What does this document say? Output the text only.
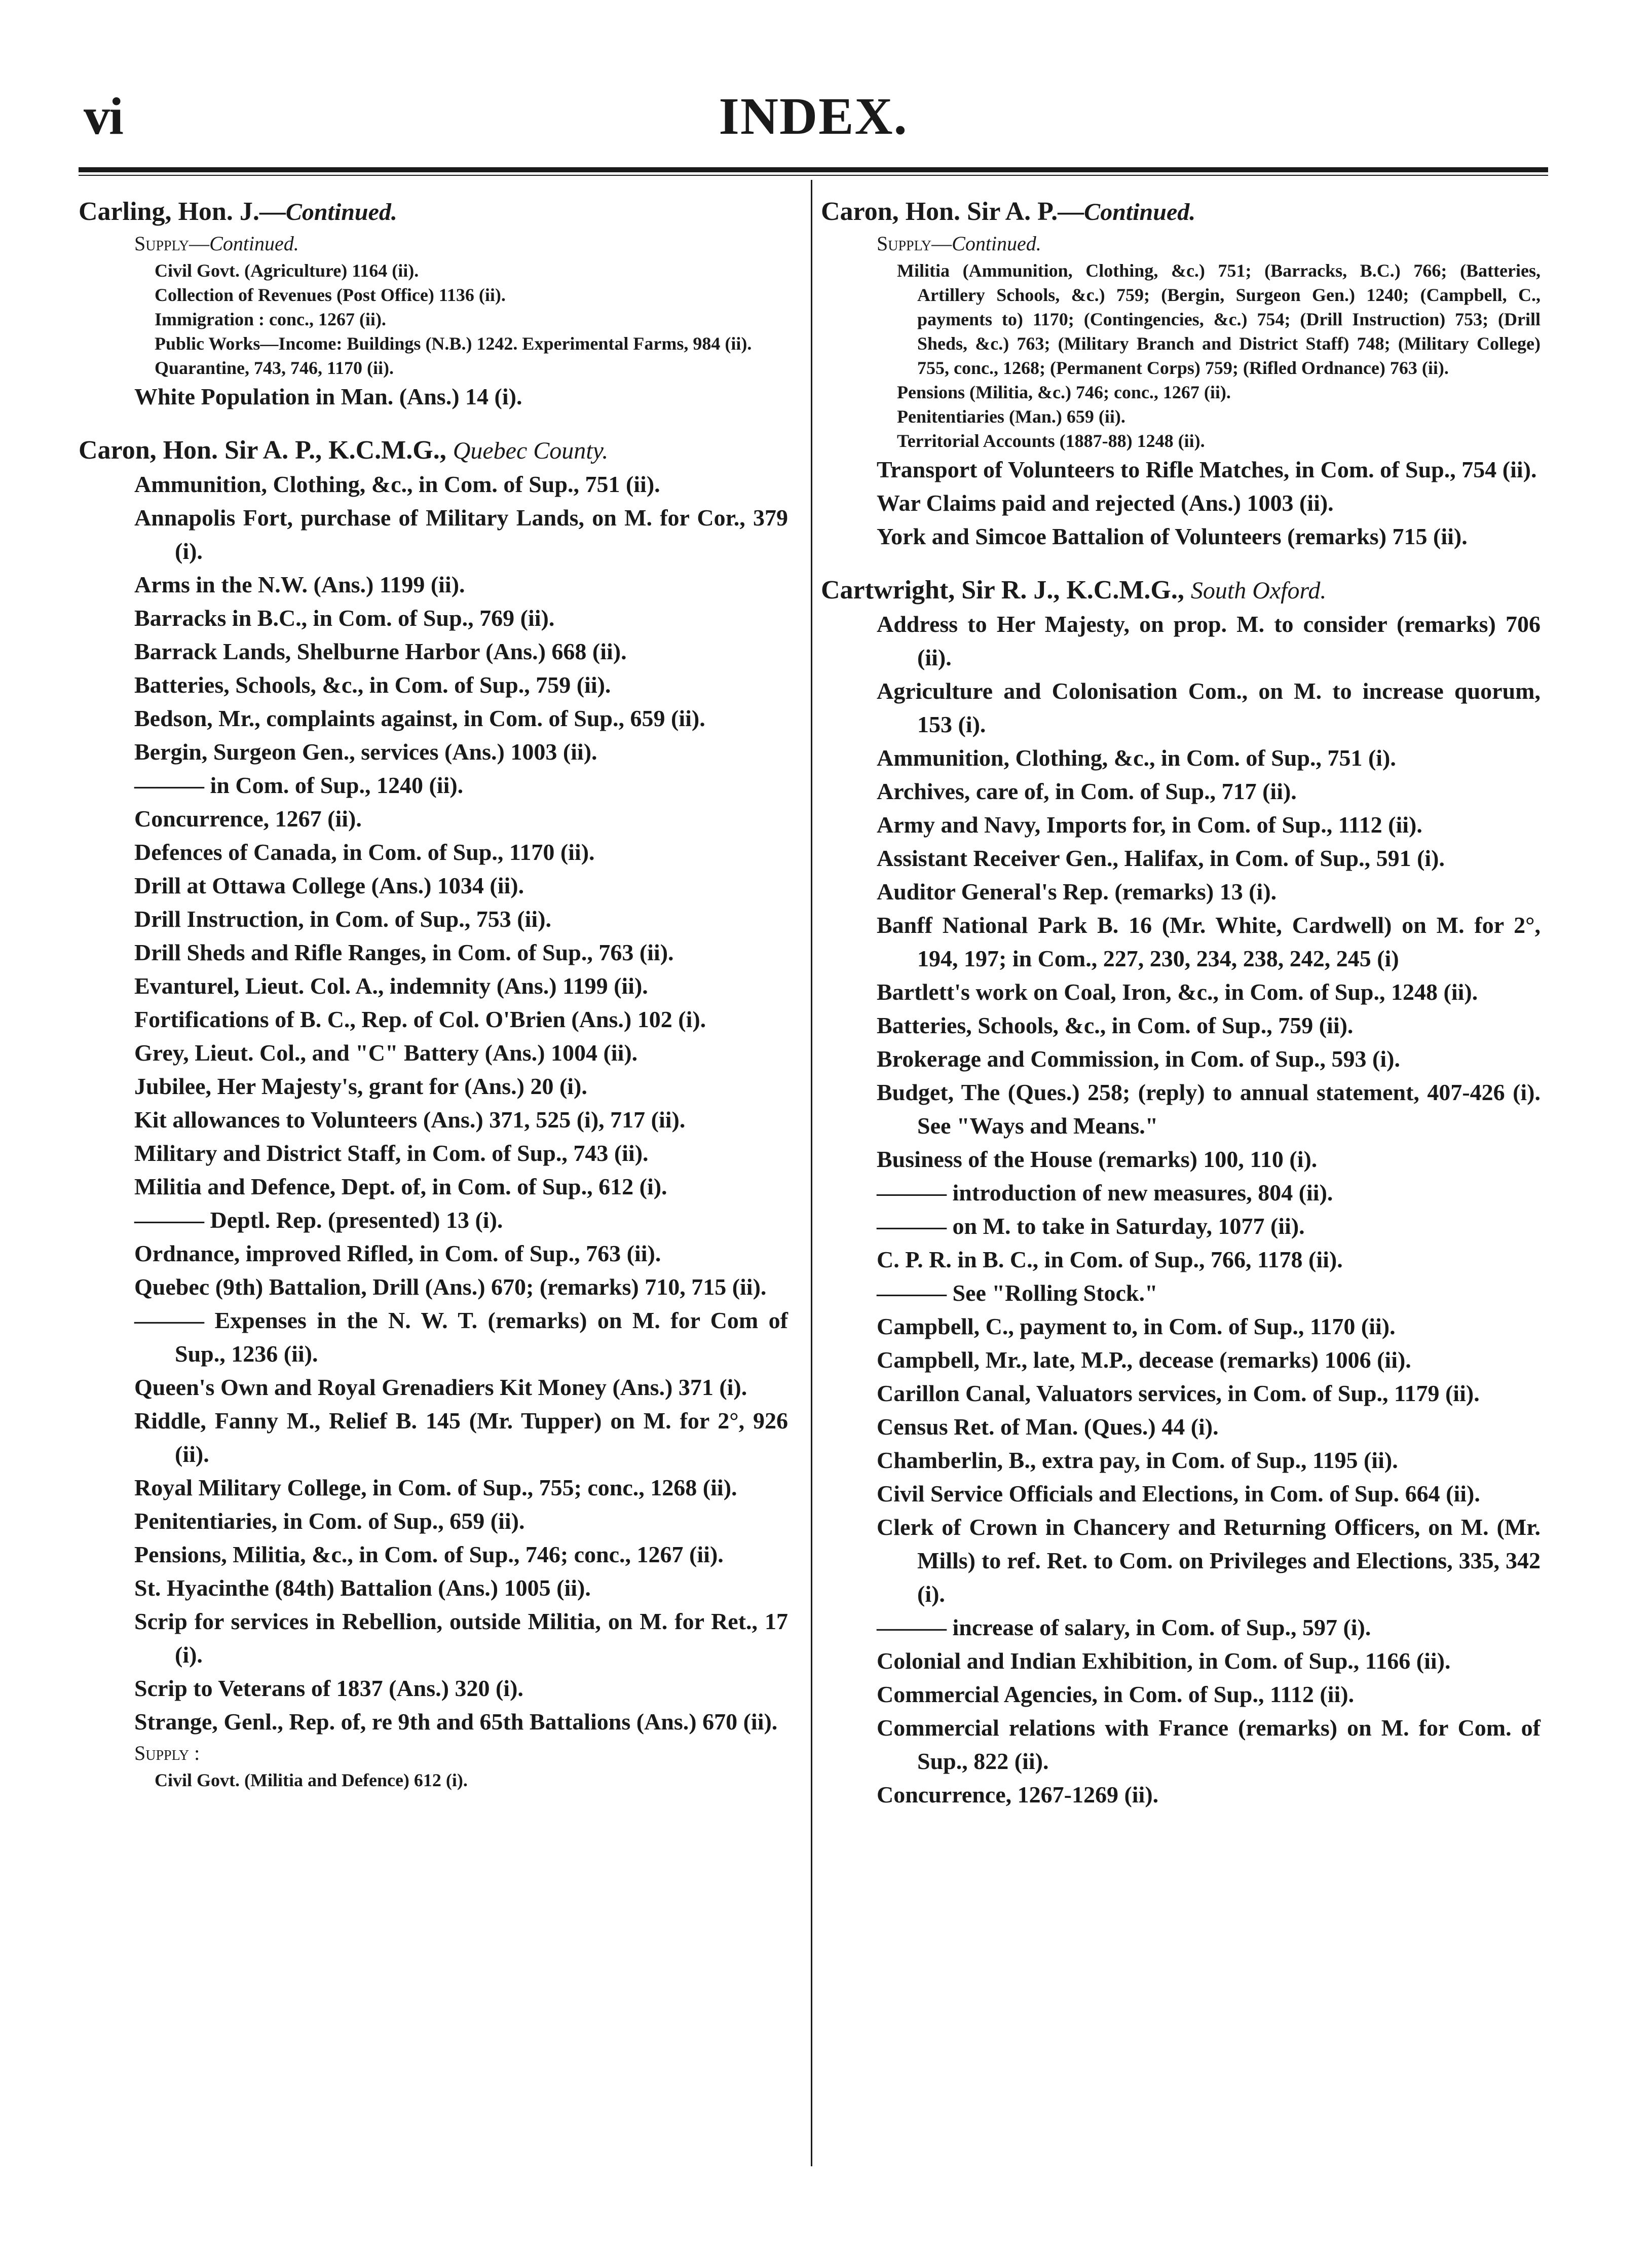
vi	INDEX.
Carling, Hon. J.—Continued.
Supply—Continued.
Civil Govt. (Agriculture) 1164 (ii).
Collection of Revenues (Post Office) 1136 (ii).
Immigration : conc., 1267 (ii).
Public Works—Income: Buildings (N.B.) 1242. Experimental Farms, 984 (ii).
Quarantine, 743, 746, 1170 (ii).
White Population in Man. (Ans.) 14 (i).
Caron, Hon. Sir A. P., K.C.M.G., Quebec County.
Ammunition, Clothing, &c., in Com. of Sup., 751 (ii).
Annapolis Fort, purchase of Military Lands, on M. for Cor., 379 (i).
Arms in the N.W. (Ans.) 1199 (ii).
Barracks in B.C., in Com. of Sup., 769 (ii).
Barrack Lands, Shelburne Harbor (Ans.) 668 (ii).
Batteries, Schools, &c., in Com. of Sup., 759 (ii).
Bedson, Mr., complaints against, in Com. of Sup., 659 (ii).
Bergin, Surgeon Gen., services (Ans.) 1003 (ii).
——— in Com. of Sup., 1240 (ii).
Concurrence, 1267 (ii).
Defences of Canada, in Com. of Sup., 1170 (ii).
Drill at Ottawa College (Ans.) 1034 (ii).
Drill Instruction, in Com. of Sup., 753 (ii).
Drill Sheds and Rifle Ranges, in Com. of Sup., 763 (ii).
Evanturel, Lieut. Col. A., indemnity (Ans.) 1199 (ii).
Fortifications of B. C., Rep. of Col. O'Brien (Ans.) 102 (i).
Grey, Lieut. Col., and "C" Battery (Ans.) 1004 (ii).
Jubilee, Her Majesty's, grant for (Ans.) 20 (i).
Kit allowances to Volunteers (Ans.) 371, 525 (i), 717 (ii).
Military and District Staff, in Com. of Sup., 743 (ii).
Militia and Defence, Dept. of, in Com. of Sup., 612 (i).
——— Deptl. Rep. (presented) 13 (i).
Ordnance, improved Rifled, in Com. of Sup., 763 (ii).
Quebec (9th) Battalion, Drill (Ans.) 670; (remarks) 710, 715 (ii).
——— Expenses in the N. W. T. (remarks) on M. for Com of Sup., 1236 (ii).
Queen's Own and Royal Grenadiers Kit Money (Ans.) 371 (i).
Riddle, Fanny M., Relief B. 145 (Mr. Tupper) on M. for 2°, 926 (ii).
Royal Military College, in Com. of Sup., 755; conc., 1268 (ii).
Penitentiaries, in Com. of Sup., 659 (ii).
Pensions, Militia, &c., in Com. of Sup., 746; conc., 1267 (ii).
St. Hyacinthe (84th) Battalion (Ans.) 1005 (ii).
Scrip for services in Rebellion, outside Militia, on M. for Ret., 17 (i).
Scrip to Veterans of 1837 (Ans.) 320 (i).
Strange, Genl., Rep. of, re 9th and 65th Battalions (Ans.) 670 (ii).
Supply :
Civil Govt. (Militia and Defence) 612 (i).
Caron, Hon. Sir A. P.—Continued.
Supply—Continued.
Militia (Ammunition, Clothing, &c.) 751; (Barracks, B.C.) 766; (Batteries, Artillery Schools, &c.) 759; (Bergin, Surgeon Gen.) 1240; (Campbell, C., payments to) 1170; (Contingencies, &c.) 754; (Drill Instruction) 753; (Drill Sheds, &c.) 763; (Military Branch and District Staff) 748; (Military College) 755, conc., 1268; (Permanent Corps) 759; (Rifled Ordnance) 763 (ii).
Pensions (Militia, &c.) 746; conc., 1267 (ii).
Penitentiaries (Man.) 659 (ii).
Territorial Accounts (1887-88) 1248 (ii).
Transport of Volunteers to Rifle Matches, in Com. of Sup., 754 (ii).
War Claims paid and rejected (Ans.) 1003 (ii).
York and Simcoe Battalion of Volunteers (remarks) 715 (ii).
Cartwright, Sir R. J., K.C.M.G., South Oxford.
Address to Her Majesty, on prop. M. to consider (remarks) 706 (ii).
Agriculture and Colonisation Com., on M. to increase quorum, 153 (i).
Ammunition, Clothing, &c., in Com. of Sup., 751 (i).
Archives, care of, in Com. of Sup., 717 (ii).
Army and Navy, Imports for, in Com. of Sup., 1112 (ii).
Assistant Receiver Gen., Halifax, in Com. of Sup., 591 (i).
Auditor General's Rep. (remarks) 13 (i).
Banff National Park B. 16 (Mr. White, Cardwell) on M. for 2°, 194, 197; in Com., 227, 230, 234, 238, 242, 245 (i)
Bartlett's work on Coal, Iron, &c., in Com. of Sup., 1248 (ii).
Batteries, Schools, &c., in Com. of Sup., 759 (ii).
Brokerage and Commission, in Com. of Sup., 593 (i).
Budget, The (Ques.) 258; (reply) to annual statement, 407-426 (i). See "Ways and Means."
Business of the House (remarks) 100, 110 (i).
——— introduction of new measures, 804 (ii).
——— on M. to take in Saturday, 1077 (ii).
C. P. R. in B. C., in Com. of Sup., 766, 1178 (ii).
——— See "Rolling Stock."
Campbell, C., payment to, in Com. of Sup., 1170 (ii).
Campbell, Mr., late, M.P., decease (remarks) 1006 (ii).
Carillon Canal, Valuators services, in Com. of Sup., 1179 (ii).
Census Ret. of Man. (Ques.) 44 (i).
Chamberlin, B., extra pay, in Com. of Sup., 1195 (ii).
Civil Service Officials and Elections, in Com. of Sup. 664 (ii).
Clerk of Crown in Chancery and Returning Officers, on M. (Mr. Mills) to ref. Ret. to Com. on Privileges and Elections, 335, 342 (i).
——— increase of salary, in Com. of Sup., 597 (i).
Colonial and Indian Exhibition, in Com. of Sup., 1166 (ii).
Commercial Agencies, in Com. of Sup., 1112 (ii).
Commercial relations with France (remarks) on M. for Com. of Sup., 822 (ii).
Concurrence, 1267-1269 (ii).
